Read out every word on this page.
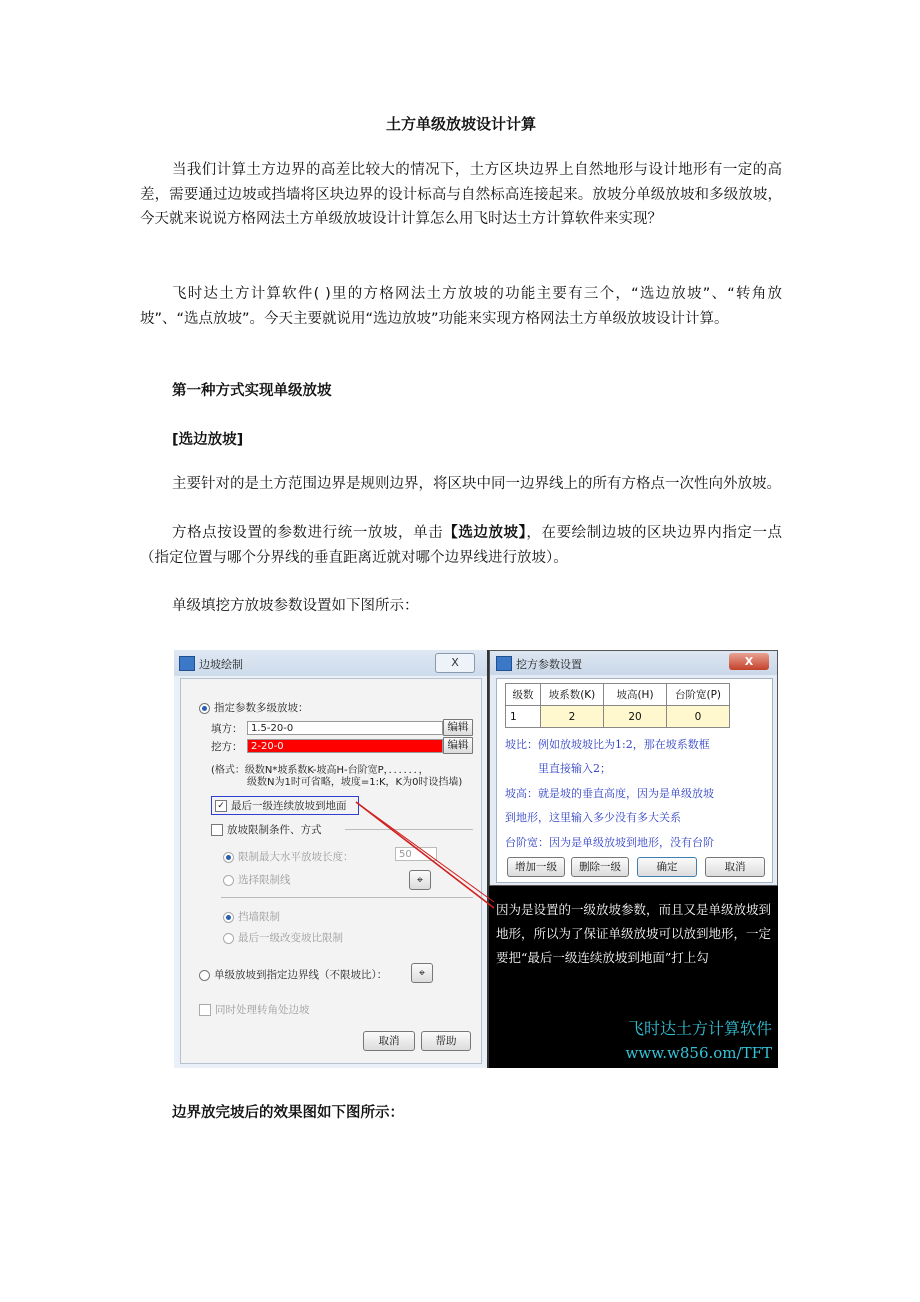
土方单级放坡设计计算
当我们计算土方边界的高差比较大的情况下，土方区块边界上自然地形与设计地形有一定的高差，需要通过边坡或挡墙将区块边界的设计标高与自然标高连接起来。放坡分单级放坡和多级放坡，今天就来说说方格网法土方单级放坡设计计算怎么用飞时达土方计算软件来实现？
飞时达土方计算软件( )里的方格网法土方放坡的功能主要有三个，“选边放坡”、“转角放坡”、“选点放坡”。今天主要就说用“选边放坡”功能来实现方格网法土方单级放坡设计计算。
第一种方式实现单级放坡
[选边放坡]
主要针对的是土方范围边界是规则边界，将区块中同一边界线上的所有方格点一次性向外放坡。
方格点按设置的参数进行统一放坡，单击【选边放坡】，在要绘制边坡的区块边界内指定一点（指定位置与哪个分界线的垂直距离近就对哪个边界线进行放坡）。
单级填挖方放坡参数设置如下图所示：
边界放完坡后的效果图如下图所示：
边坡绘制	X
指定参数多级放坡：
填方： 1.5-20-0	编辑
挖方： 2-20-0	编辑
(格式：级数N*坡系数K-坡高H-台阶宽P，．．．．．．，
级数N为1时可省略，坡度=1:K，K为0时设挡墙)
✓ 最后一级连续放坡到地面
放坡限制条件、方式
限制最大水平放坡长度：	50
选择限制线	⌖
挡墙限制
最后一级改变坡比限制
单级放坡到指定边界线（不限坡比）：	⌖
同时处理转角处边坡
取消	帮助
挖方参数设置	X
级数	坡系数(K)	坡高(H)	台阶宽(P)
1	2	20	0
坡比：例如放坡坡比为1:2，那在坡系数框
　　　里直接输入2；
坡高：就是坡的垂直高度，因为是单级放坡
到地形，这里输入多少没有多大关系
台阶宽：因为是单级放坡到地形，没有台阶
增加一级	删除一级	确定	取消
因为是设置的一级放坡参数，而且又是单级放坡到地形，所以为了保证单级放坡可以放到地形，一定要把“最后一级连续放坡到地面”打上勾
飞时达土方计算软件
www.w856.om/TFT
